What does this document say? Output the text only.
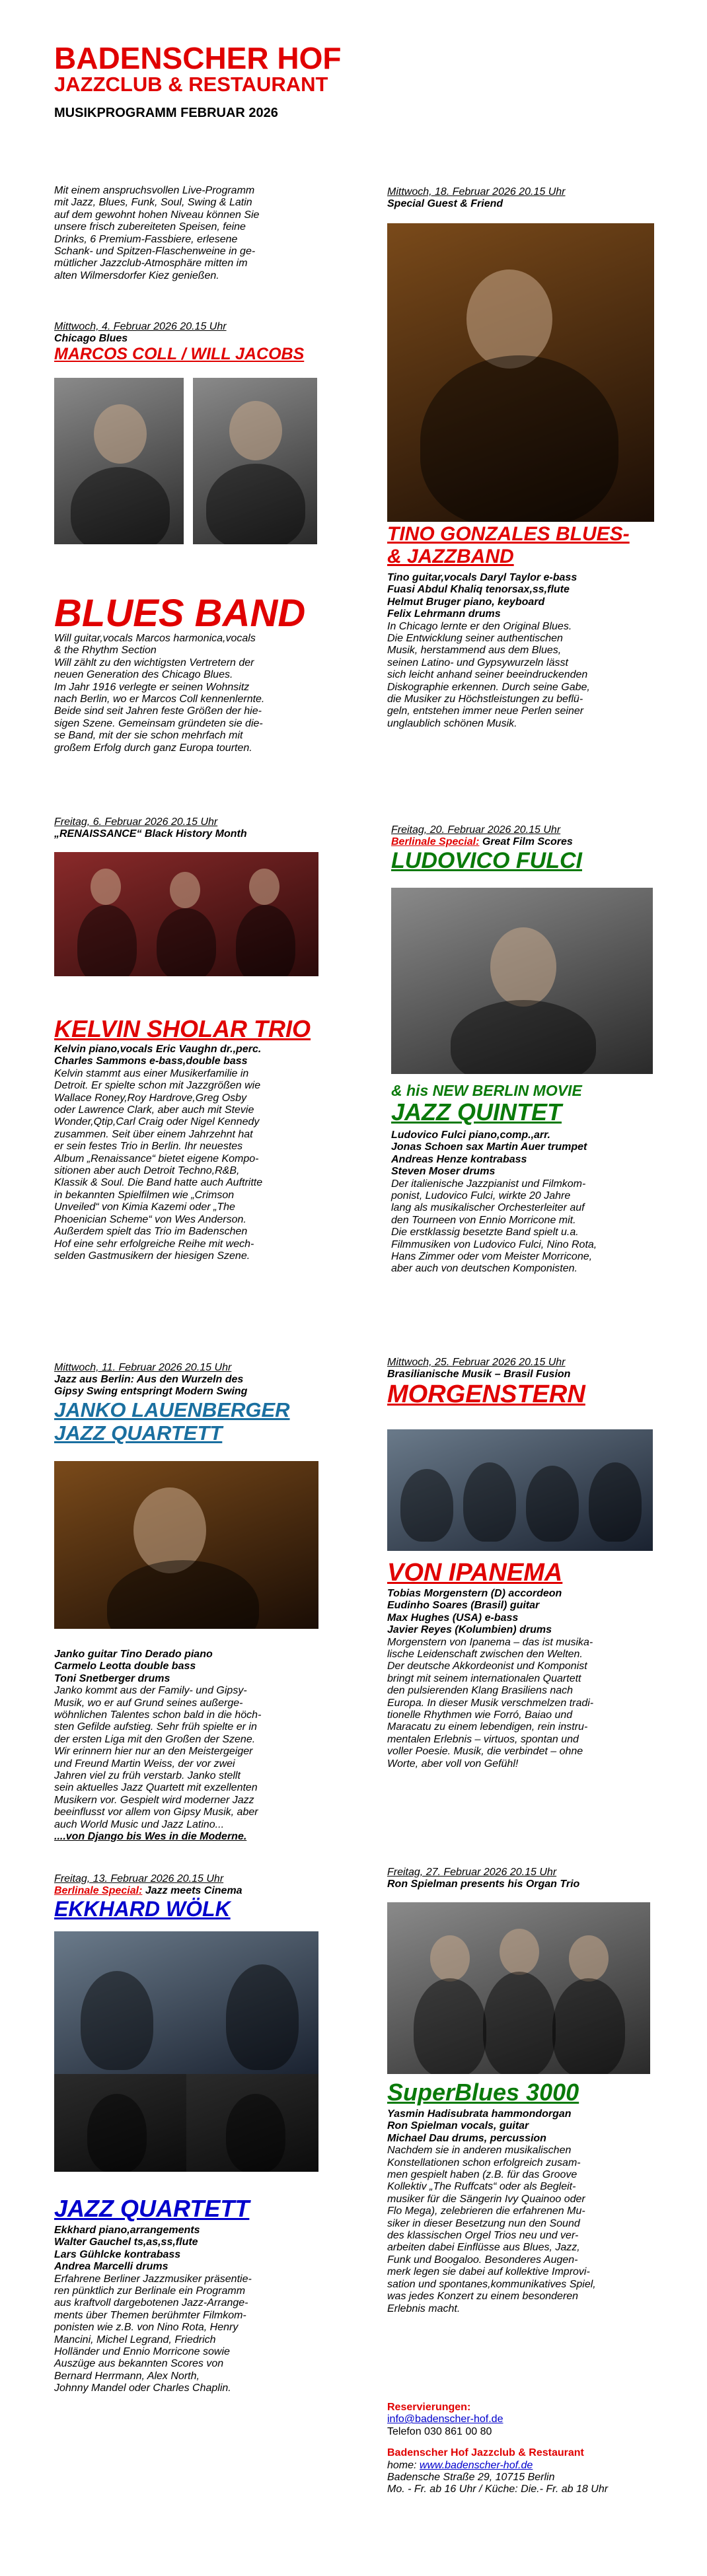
BADENSCHER HOF
JAZZCLUB & RESTAURANT
MUSIKPROGRAMM FEBRUAR 2026

Mit einem anspruchsvollen Live-Programm

mit Jazz, Blues, Funk, Soul, Swing & Latin

auf dem gewohnt hohen Niveau können Sie

unsere frisch zubereiteten Speisen, feine

Drinks, 6 Premium-Fassbiere, erlesene

Schank- und Spitzen-Flaschenweine in ge-

mütlicher Jazzclub-Atmosphäre mitten im

alten Wilmersdorfer Kiez genießen.

Mittwoch, 4. Februar 2026 20.15 Uhr

Chicago Blues

MARCOS COLL / WILL JACOBS

BLUES BAND

Will guitar,vocals Marcos harmonica,vocals

& the Rhythm Section

Will zählt zu den wichtigsten Vertretern der

neuen Generation des Chicago Blues.

Im Jahr 1916 verlegte er seinen Wohnsitz

nach Berlin, wo er Marcos Coll kennenlernte.

Beide sind seit Jahren feste Größen der hie-

sigen Szene. Gemeinsam gründeten sie die-

se Band, mit der sie schon mehrfach mit

großem Erfolg durch ganz Europa tourten.

Freitag, 6. Februar 2026 20.15 Uhr

„RENAISSANCE“ Black History Month

KELVIN SHOLAR TRIO

Kelvin piano,vocals Eric Vaughn dr.,perc.

Charles Sammons e-bass,double bass

Kelvin stammt aus einer Musikerfamilie in

Detroit. Er spielte schon mit Jazzgrößen wie

Wallace Roney,Roy Hardrove,Greg Osby

oder Lawrence Clark, aber auch mit Stevie

Wonder,Qtip,Carl Craig oder Nigel Kennedy

zusammen. Seit über einem Jahrzehnt hat

er sein festes Trio in Berlin. Ihr neuestes

Album „Renaissance“ bietet eigene Kompo-

sitionen aber auch Detroit Techno,R&B,

Klassik & Soul. Die Band hatte auch Auftritte

in bekannten Spielfilmen wie „Crimson

Unveiled“ von Kimia Kazemi oder „The

Phoenician Scheme“ von Wes Anderson.

Außerdem spielt das Trio im Badenschen

Hof eine sehr erfolgreiche Reihe mit wech-

selden Gastmusikern der hiesigen Szene.

Mittwoch, 11. Februar 2026 20.15 Uhr

Jazz aus Berlin: Aus den Wurzeln des

Gipsy Swing entspringt Modern Swing

JANKO LAUENBERGER

JAZZ QUARTETT

Janko guitar Tino Derado piano

Carmelo Leotta double bass

Toni Snetberger drums

Janko kommt aus der Family- und Gipsy-

Musik, wo er auf Grund seines außerge-

wöhnlichen Talentes schon bald in die höch-

sten Gefilde aufstieg. Sehr früh spielte er in

der ersten Liga mit den Großen der Szene.

Wir erinnern hier nur an den Meistergeiger

und Freund Martin Weiss, der vor zwei

Jahren viel zu früh verstarb. Janko stellt

sein aktuelles Jazz Quartett mit exzellenten

Musikern vor. Gespielt wird moderner Jazz

beeinflusst vor allem von Gipsy Musik, aber

auch World Music und Jazz Latino...

....von Django bis Wes in die Moderne.

Freitag, 13. Februar 2026 20.15 Uhr

Berlinale Special: Jazz meets Cinema

EKKHARD WÖLK

JAZZ QUARTETT

Ekkhard piano,arrangements

Walter Gauchel ts,as,ss,flute

Lars Gühlcke kontrabass

Andrea Marcelli drums

Erfahrene Berliner Jazzmusiker präsentie-

ren pünktlich zur Berlinale ein Programm

aus kraftvoll dargebotenen Jazz-Arrange-

ments über Themen berühmter Filmkom-

ponisten wie z.B. von Nino Rota, Henry

Mancini, Michel Legrand, Friedrich

Holländer und Ennio Morricone sowie

Auszüge aus bekannten Scores von

Bernard Herrmann, Alex North,

Johnny Mandel oder Charles Chaplin.

Mittwoch, 18. Februar 2026 20.15 Uhr

Special Guest & Friend

TINO GONZALES BLUES-

& JAZZBAND

Tino guitar,vocals Daryl Taylor e-bass

Fuasi Abdul Khaliq tenorsax,ss,flute

Helmut Bruger piano, keyboard

Felix Lehrmann drums

In Chicago lernte er den Original Blues.

Die Entwicklung seiner authentischen

Musik, herstammend aus dem Blues,

seinen Latino- und Gypsywurzeln lässt

sich leicht anhand seiner beeindruckenden

Diskographie erkennen. Durch seine Gabe,

die Musiker zu Höchstleistungen zu beflü-

geln, entstehen immer neue Perlen seiner

unglaublich schönen Musik.

Freitag, 20. Februar 2026 20.15 Uhr

Berlinale Special: Great Film Scores

LUDOVICO FULCI

& his NEW BERLIN MOVIE

JAZZ QUINTET

Ludovico Fulci piano,comp.,arr.

Jonas Schoen sax Martin Auer trumpet

Andreas Henze kontrabass

Steven Moser drums

Der italienische Jazzpianist und Filmkom-

ponist, Ludovico Fulci, wirkte 20 Jahre

lang als musikalischer Orchesterleiter auf

den Tourneen von Ennio Morricone mit.

Die erstklassig besetzte Band spielt u.a.

Filmmusiken von Ludovico Fulci, Nino Rota,

Hans Zimmer oder vom Meister Morricone,

aber auch von deutschen Komponisten.

Mittwoch, 25. Februar 2026 20.15 Uhr

Brasilianische Musik – Brasil Fusion

MORGENSTERN

VON IPANEMA

Tobias Morgenstern (D) accordeon

Eudinho Soares (Brasil) guitar

Max Hughes (USA) e-bass

Javier Reyes (Kolumbien) drums

Morgenstern von Ipanema – das ist musika-

lische Leidenschaft zwischen den Welten.

Der deutsche Akkordeonist und Komponist

bringt mit seinem internationalen Quartett

den pulsierenden Klang Brasiliens nach

Europa. In dieser Musik verschmelzen tradi-

tionelle Rhythmen wie Forró, Baiao und

Maracatu zu einem lebendigen, rein instru-

mentalen Erlebnis – virtuos, spontan und

voller Poesie. Musik, die verbindet – ohne

Worte, aber voll von Gefühl!

Freitag, 27. Februar 2026 20.15 Uhr

Ron Spielman presents his Organ Trio

SuperBlues 3000

Yasmin Hadisubrata hammondorgan

Ron Spielman vocals, guitar

Michael Dau drums, percussion

Nachdem sie in anderen musikalischen

Konstellationen schon erfolgreich zusam-

men gespielt haben (z.B. für das Groove

Kollektiv „The Ruffcats“ oder als Begleit-

musiker für die Sängerin Ivy Quainoo oder

Flo Mega), zelebrieren die erfahrenen Mu-

siker in dieser Besetzung nun den Sound

des klassischen Orgel Trios neu und ver-

arbeiten dabei Einflüsse aus Blues, Jazz,

Funk und Boogaloo. Besonderes Augen-

merk legen sie dabei auf kollektive Improvi-

sation und spontanes,kommunikatives Spiel,

was jedes Konzert zu einem besonderen

Erlebnis macht.

Reservierungen:

info@badenscher-hof.de

Telefon 030 861 00 80

Badenscher Hof Jazzclub & Restaurant

home: www.badenscher-hof.de

Badensche Straße 29, 10715 Berlin

Mo. - Fr. ab 16 Uhr / Küche: Die.- Fr. ab 18 Uhr
